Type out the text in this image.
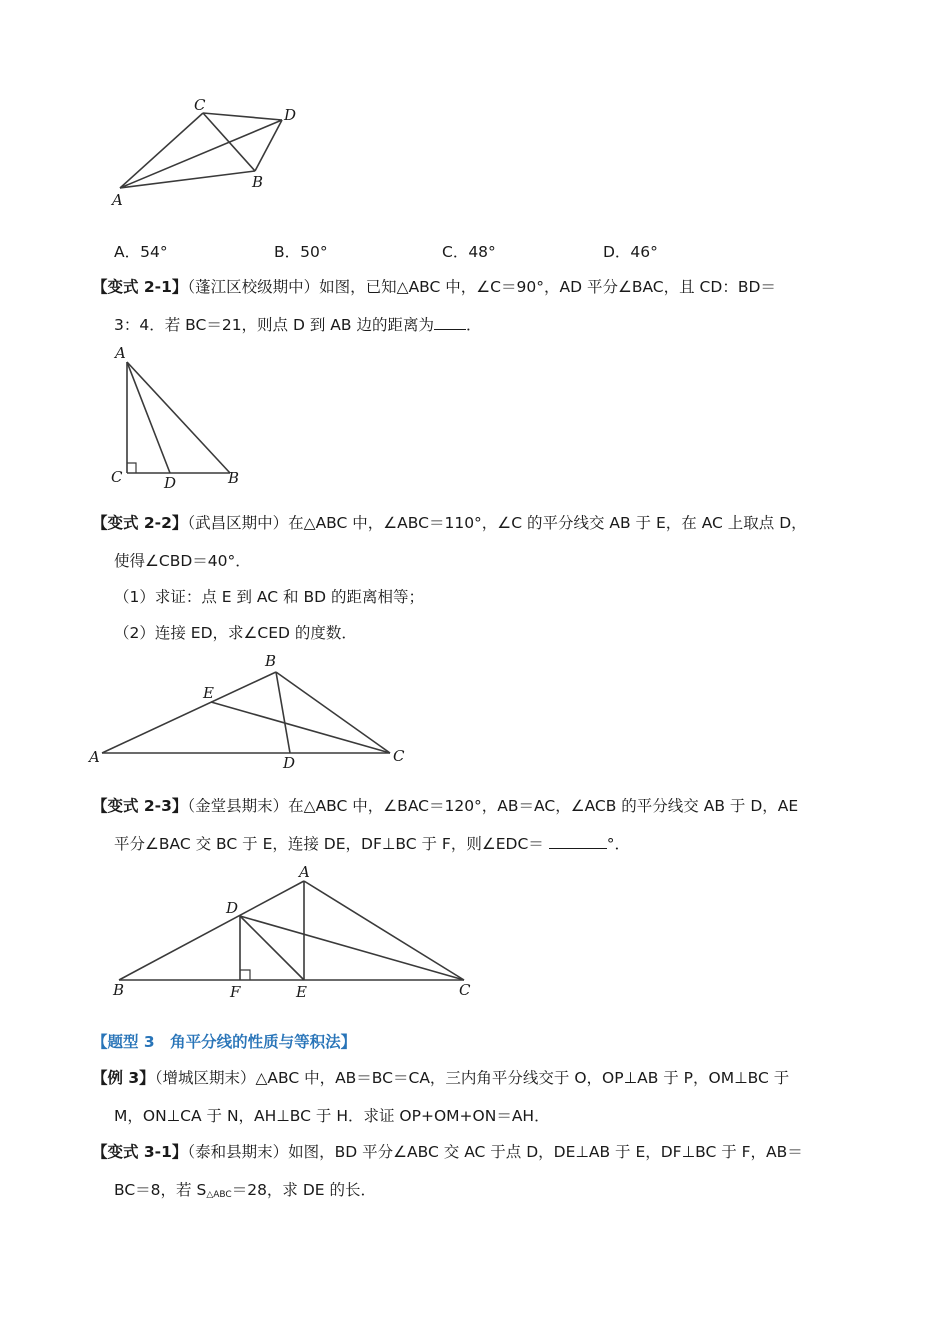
A
C
D
B
A．54°	B．50°	C．48°	D．46°
【变式 2-1】（蓬江区校级期中）如图，已知△ABC 中，∠C＝90°，AD 平分∠BAC，且 CD：BD＝
3：4．若 BC＝21，则点 D 到 AB 边的距离为 ．
A
C	D	B
【变式 2-2】（武昌区期中）在△ABC 中，∠ABC＝110°，∠C 的平分线交 AB 于 E，在 AC 上取点 D，
使得∠CBD＝40°．
（1）求证：点 E 到 AC 和 BD 的距离相等；
（2）连接 ED，求∠CED 的度数．
A
B
E
D	C
【变式 2-3】（金堂县期末）在△ABC 中，∠BAC＝120°，AB＝AC，∠ACB 的平分线交 AB 于 D，AE
平分∠BAC 交 BC 于 E，连接 DE，DF⊥BC 于 F，则∠EDC＝	°．
A
D
B	F	E	C
【题型 3　角平分线的性质与等积法】
【例 3】（增城区期末）△ABC 中，AB＝BC＝CA，三内角平分线交于 O，OP⊥AB 于 P，OM⊥BC 于
M，ON⊥CA 于 N，AH⊥BC 于 H．求证 OP+OM+ON＝AH．
【变式 3-1】（泰和县期末）如图，BD 平分∠ABC 交 AC 于点 D，DE⊥AB 于 E，DF⊥BC 于 F，AB＝
BC＝8，若 $S_{\triangle ABC}=28$，求 DE 的长．
